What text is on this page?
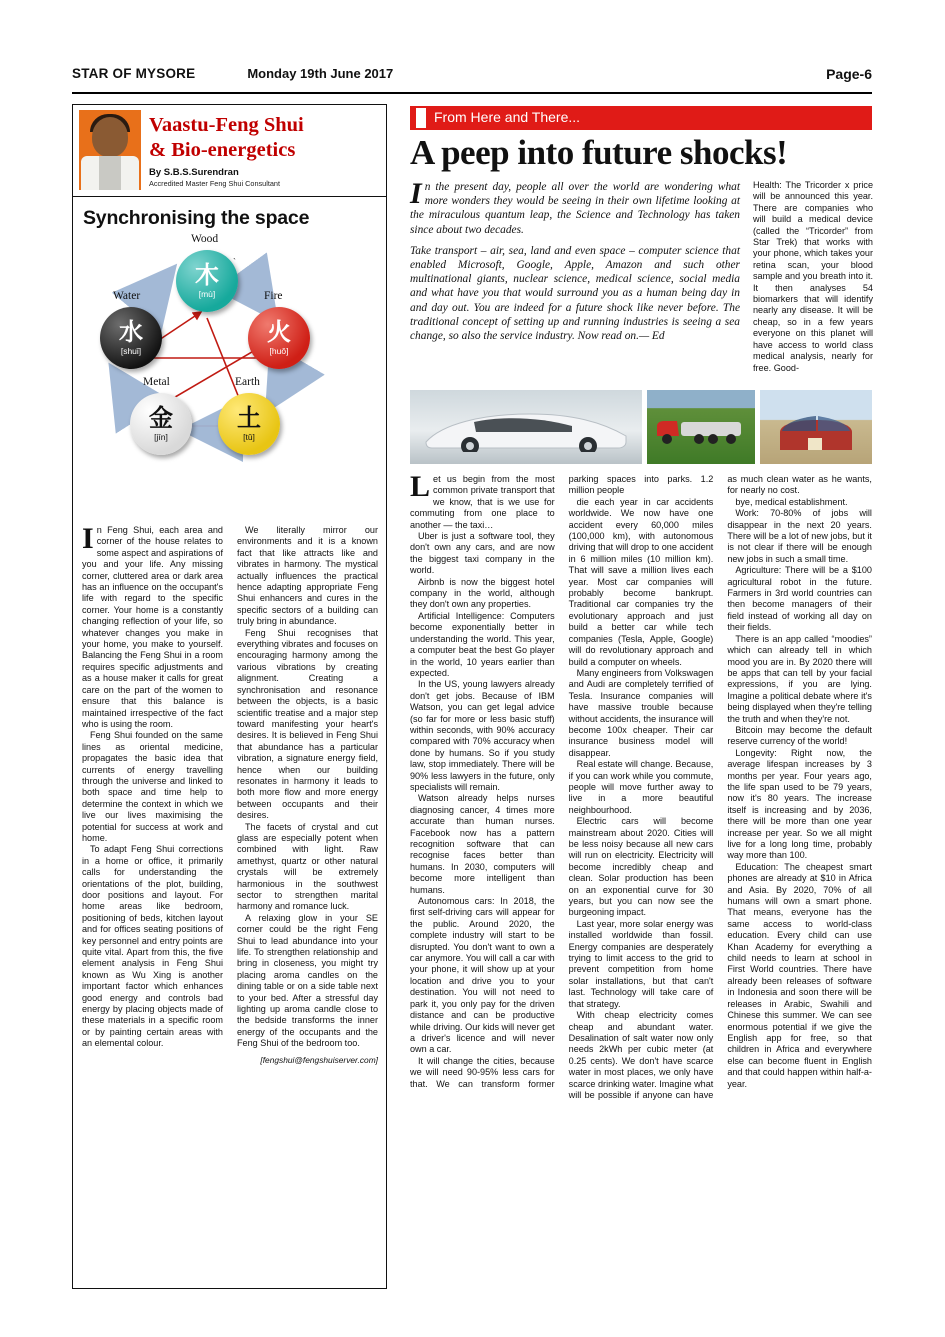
STAR OF MYSORE	Monday 19th June 2017	Page-6
Vaastu-Feng Shui
& Bio-energetics
By S.B.S.Surendran
Accredited Master Feng Shui Consultant
Synchronising the space
`
Wood
木
[mù]	Fire
火
[huǒ]
Earth
土
[tǔ]
Metal
金
[jīn]
Water
水
[shuǐ]

In Feng Shui, each area and corner of the house relates to some aspect and aspirations of you and your life. Any missing corner, cluttered area or dark area has an influence on the occupant's life with regard to the specific corner. Your home is a constantly changing reflection of your life, so whatever changes you make in your home, you make to yourself. Balancing the Feng Shui in a room requires specific adjustments and as a house maker it calls for great care on the part of the women to ensure that this balance is maintained irrespective of the fact who is using the room.

Feng Shui founded on the same lines as oriental medicine, propagates the basic idea that currents of energy travelling through the universe and linked to both space and time help to determine the context in which we live our lives maximising the potential for success at work and home.

To adapt Feng Shui corrections in a home or office, it primarily calls for understanding the orientations of the plot, building, door positions and layout. For home areas like bedroom, positioning of beds, kitchen layout and for offices seating positions of key personnel and entry points are quite vital. Apart from this, the five element analysis in Feng Shui known as Wu Xing is another important factor which enhances good energy and controls bad energy by placing objects made of these materials in a specific room or by painting certain areas with an elemental colour.

We literally mirror our environments and it is a known fact that like attracts like and vibrates in harmony. The mystical actually influences the practical hence adapting appropriate Feng Shui enhancers and cures in the specific sectors of a building can truly bring in abundance.

Feng Shui recognises that everything vibrates and focuses on encouraging harmony among the various vibrations by creating alignment. Creating a synchronisation and resonance between the objects, is a basic scientific treatise and a major step toward manifesting your heart's desires. It is believed in Feng Shui that abundance has a particular vibration, a signature energy field, hence when our building resonates in harmony it leads to both more flow and more energy between occupants and their desires.

The facets of crystal and cut glass are especially potent when combined with light. Raw amethyst, quartz or other natural crystals will be extremely harmonious in the southwest sector to strengthen marital harmony and romance luck.

A relaxing glow in your SE corner could be the right Feng Shui to lead abundance into your life. To strengthen relationship and bring in closeness, you might try placing aroma candles on the dining table or on a side table next to your bed. After a stressful day lighting up aroma candle close to the bedside transforms the inner energy of the occupants and the Feng Shui of the bedroom too.

[fengshui@fengshuiserver.com]
From Here and There...
A peep into future shocks!

In the present day, people all over the world are wondering what more wonders they would be seeing in their own lifetime looking at the miraculous quantum leap, the Science and Technology has taken since about two decades.

Take transport – air, sea, land and even space – computer science that enabled Microsoft, Google, Apple, Amazon and such other multinational giants, nuclear science, medical science, social media and what have you that would surround you as a human being day in and day out. You are indeed for a future shock like never before. The traditional concept of setting up and running industries is seeing a sea change, so also the service industry. Now read on.— Ed

Health: The Tricorder x price will be announced this year. There are companies who will build a medical device (called the “Tricorder” from Star Trek) that works with your phone, which takes your retina scan, your blood sample and you breath into it. It then analyses 54 biomarkers that will identify nearly any disease. It will be cheap, so in a few years everyone on this planet will have access to world class medical analysis, nearly for free. Good-

Let us begin from the most common private transport that we know, that is we use for commuting from one place to another — the taxi…

Uber is just a software tool, they don't own any cars, and are now the biggest taxi company in the world.

Airbnb is now the biggest hotel company in the world, although they don't own any properties.

Artificial Intelligence: Computers become exponentially better in understanding the world. This year, a computer beat the best Go player in the world, 10 years earlier than expected.

In the US, young lawyers already don't get jobs. Because of IBM Watson, you can get legal advice (so far for more or less basic stuff) within seconds, with 90% accuracy compared with 70% accuracy when done by humans. So if you study law, stop immediately. There will be 90% less lawyers in the future, only specialists will remain.

Watson already helps nurses diagnosing cancer, 4 times more accurate than human nurses. Facebook now has a pattern recognition software that can recognise faces better than humans. In 2030, computers will become more intelligent than humans.

Autonomous cars: In 2018, the first self-driving cars will appear for the public. Around 2020, the complete industry will start to be disrupted. You don't want to own a car anymore. You will call a car with your phone, it will show up at your location and drive you to your destination. You will not need to park it, you only pay for the driven distance and can be productive while driving. Our kids will never get a driver's licence and will never own a car.

It will change the cities, because we will need 90-95% less cars for that. We can transform former parking spaces into parks. 1.2 million people

die each year in car accidents worldwide. We now have one accident every 60,000 miles (100,000 km), with autonomous driving that will drop to one accident in 6 million miles (10 million km). That will save a million lives each year. Most car companies will probably become bankrupt. Traditional car companies try the evolutionary approach and just build a better car while tech companies (Tesla, Apple, Google) will do revolutionary approach and build a computer on wheels.

Many engineers from Volkswagen and Audi are completely terrified of Tesla. Insurance companies will have massive trouble because without accidents, the insurance will become 100x cheaper. Their car insurance business model will disappear.

Real estate will change. Because, if you can work while you commute, people will move further away to live in a more beautiful neighbourhood.

Electric cars will become mainstream about 2020. Cities will be less noisy because all new cars will run on electricity. Electricity will become incredibly cheap and clean. Solar production has been on an exponential curve for 30 years, but you can now see the burgeoning impact.

Last year, more solar energy was installed worldwide than fossil. Energy companies are desperately trying to limit access to the grid to prevent competition from home solar installations, but that can't last. Technology will take care of that strategy.

With cheap electricity comes cheap and abundant water. Desalination of salt water now only needs 2kWh per cubic meter (at 0.25 cents). We don't have scarce water in most places, we only have scarce drinking water. Imagine what will be possible if anyone can have as much clean water as he wants, for nearly no cost.

bye, medical establishment.

Work: 70-80% of jobs will disappear in the next 20 years. There will be a lot of new jobs, but it is not clear if there will be enough new jobs in such a small time.

Agriculture: There will be a $100 agricultural robot in the future. Farmers in 3rd world countries can then become managers of their field instead of working all day on their fields.

There is an app called “moodies” which can already tell in which mood you are in. By 2020 there will be apps that can tell by your facial expressions, if you are lying. Imagine a political debate where it's being displayed when they're telling the truth and when they're not.

Bitcoin may become the default reserve currency of the world!

Longevity: Right now, the average lifespan increases by 3 months per year. Four years ago, the life span used to be 79 years, now it's 80 years. The increase itself is increasing and by 2036, there will be more than one year increase per year. So we all might live for a long long time, probably way more than 100.

Education: The cheapest smart phones are already at $10 in Africa and Asia. By 2020, 70% of all humans will own a smart phone. That means, everyone has the same access to world-class education. Every child can use Khan Academy for everything a child needs to learn at school in First World countries. There have already been releases of software in Indonesia and soon there will be releases in Arabic, Swahili and Chinese this summer. We can see enormous potential if we give the English app for free, so that children in Africa and everywhere else can become fluent in English and that could happen within half-a-year.
